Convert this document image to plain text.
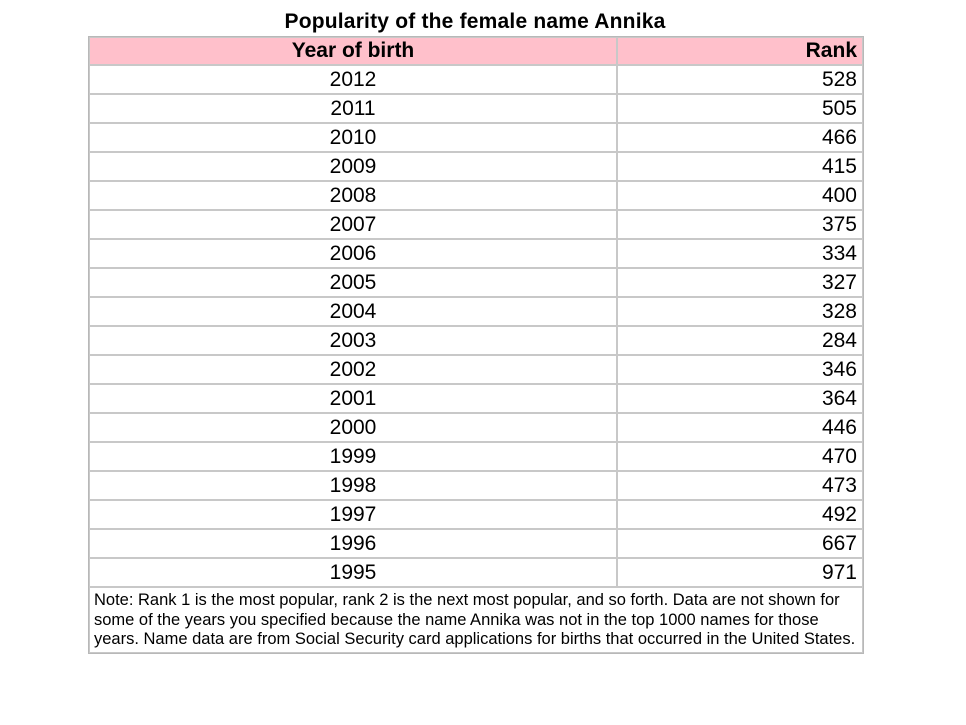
Popularity of the female name Annika
Year of birth	Rank
2012	528
2011	505
2010	466
2009	415
2008	400
2007	375
2006	334
2005	327
2004	328
2003	284
2002	346
2001	364
2000	446
1999	470
1998	473
1997	492
1996	667
1995	971
Note: Rank 1 is the most popular, rank 2 is the next most popular, and so forth. Data are not shown for some of the years you specified because the name Annika was not in the top 1000 names for those years. Name data are from Social Security card applications for births that occurred in the United States.	
